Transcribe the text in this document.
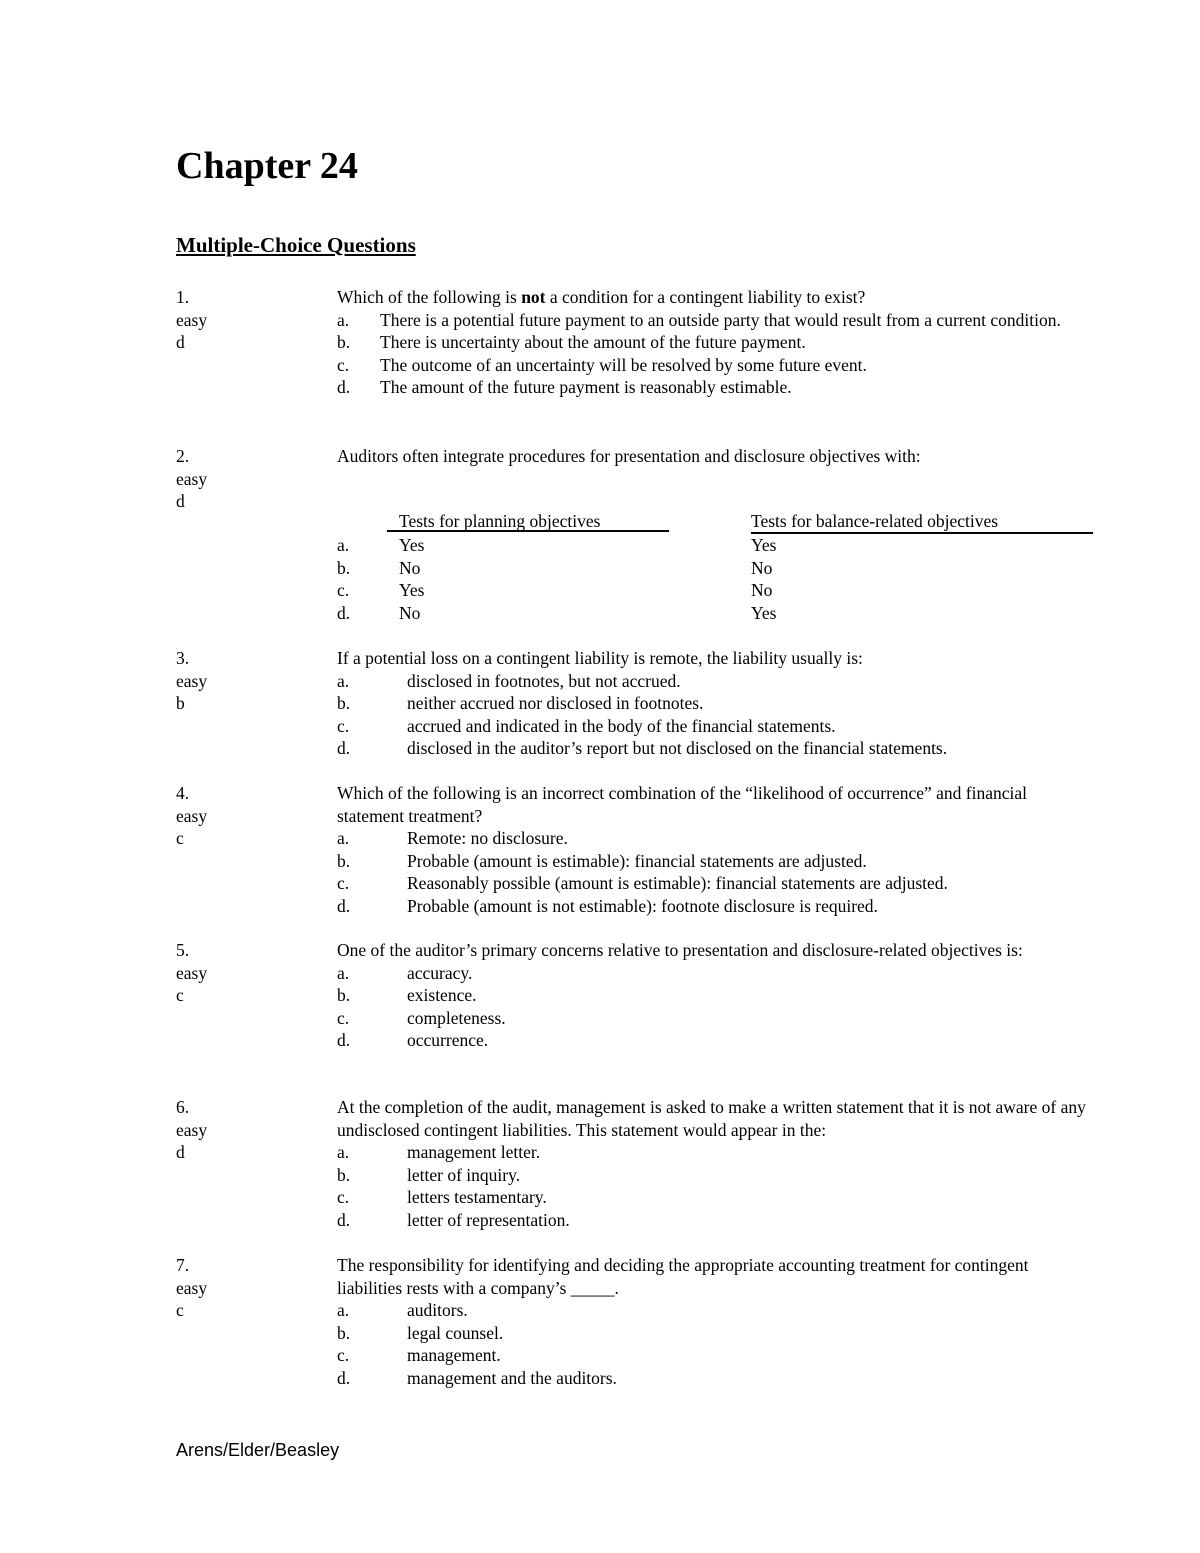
Chapter 24
Multiple-Choice Questions
1.
easy
d

Which of the following is not a condition for a contingent liability to exist?

a.	There is a potential future payment to an outside party that would result from a current condition.
b.	There is uncertainty about the amount of the future payment.
c.	The outcome of an uncertainty will be resolved by some future event.
d.	The amount of the future payment is reasonably estimable.
2.
easy
d

Auditors often integrate procedures for presentation and disclosure objectives with:

Tests for planning objectives	Tests for balance-related objectives
a.	Yes	Yes
b.	No	No
c.	Yes	No
d.	No	Yes
3.
easy
b

If a potential loss on a contingent liability is remote, the liability usually is:

a.	disclosed in footnotes, but not accrued.
b.	neither accrued nor disclosed in footnotes.
c.	accrued and indicated in the body of the financial statements.
d.	disclosed in the auditor’s report but not disclosed on the financial statements.
4.
easy
c

Which of the following is an incorrect combination of the “likelihood of occurrence” and financial statement treatment?

a.	Remote: no disclosure.
b.	Probable (amount is estimable): financial statements are adjusted.
c.	Reasonably possible (amount is estimable): financial statements are adjusted.
d.	Probable (amount is not estimable): footnote disclosure is required.
5.
easy
c

One of the auditor’s primary concerns relative to presentation and disclosure-related objectives is:

a.	accuracy.
b.	existence.
c.	completeness.
d.	occurrence.
6.
easy
d

At the completion of the audit, management is asked to make a written statement that it is not aware of any undisclosed contingent liabilities. This statement would appear in the:

a.	management letter.
b.	letter of inquiry.
c.	letters testamentary.
d.	letter of representation.
7.
easy
c

The responsibility for identifying and deciding the appropriate accounting treatment for contingent liabilities rests with a company’s _____.

a.	auditors.
b.	legal counsel.
c.	management.
d.	management and the auditors.
Arens/Elder/Beasley
